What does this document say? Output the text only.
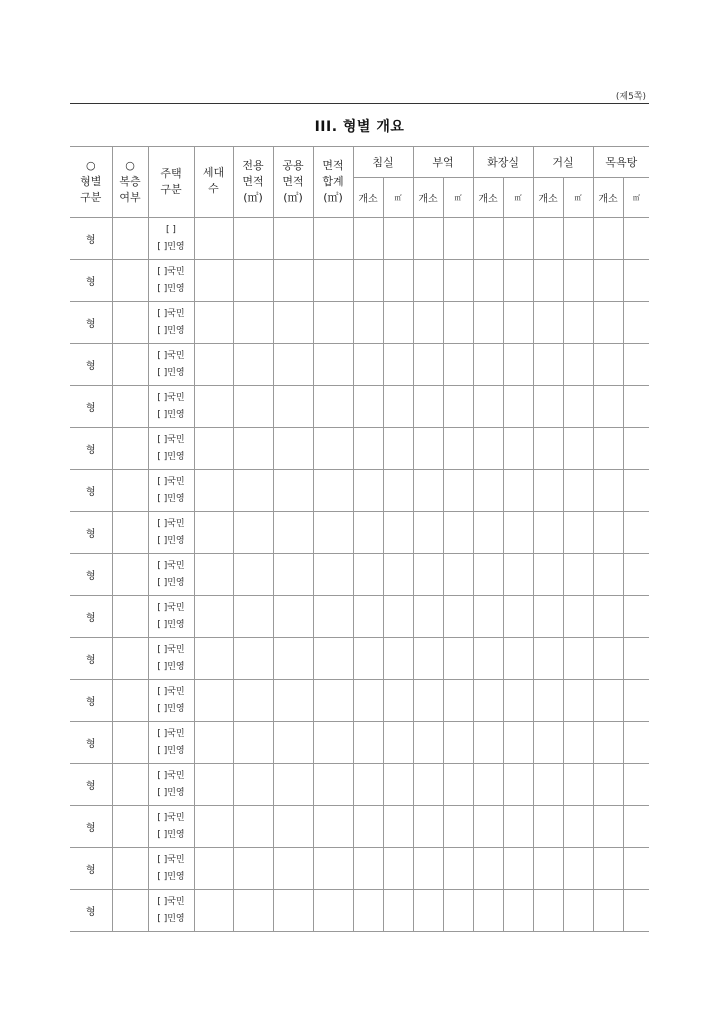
(제5쪽)
III. 형별 개요
○
형별
구분	○
복층
여부	주택
구분	세대
수	전용
면적
(㎡)	공용
면적
(㎡)	면적
합계
(㎡)	침실		부엌		화장실		거실		목욕탕	
							개소	㎡	개소	㎡	개소	㎡	개소	㎡	개소	㎡
형		[ ]
[ ]민영														

형		[ ]국민
[ ]민영														

형		[ ]국민
[ ]민영														

형		[ ]국민
[ ]민영														

형		[ ]국민
[ ]민영														

형		[ ]국민
[ ]민영														

형		[ ]국민
[ ]민영														

형		[ ]국민
[ ]민영														

형		[ ]국민
[ ]민영														

형		[ ]국민
[ ]민영														

형		[ ]국민
[ ]민영														

형		[ ]국민
[ ]민영														

형		[ ]국민
[ ]민영														

형		[ ]국민
[ ]민영														

형		[ ]국민
[ ]민영														

형		[ ]국민
[ ]민영														

형		[ ]국민
[ ]민영														
